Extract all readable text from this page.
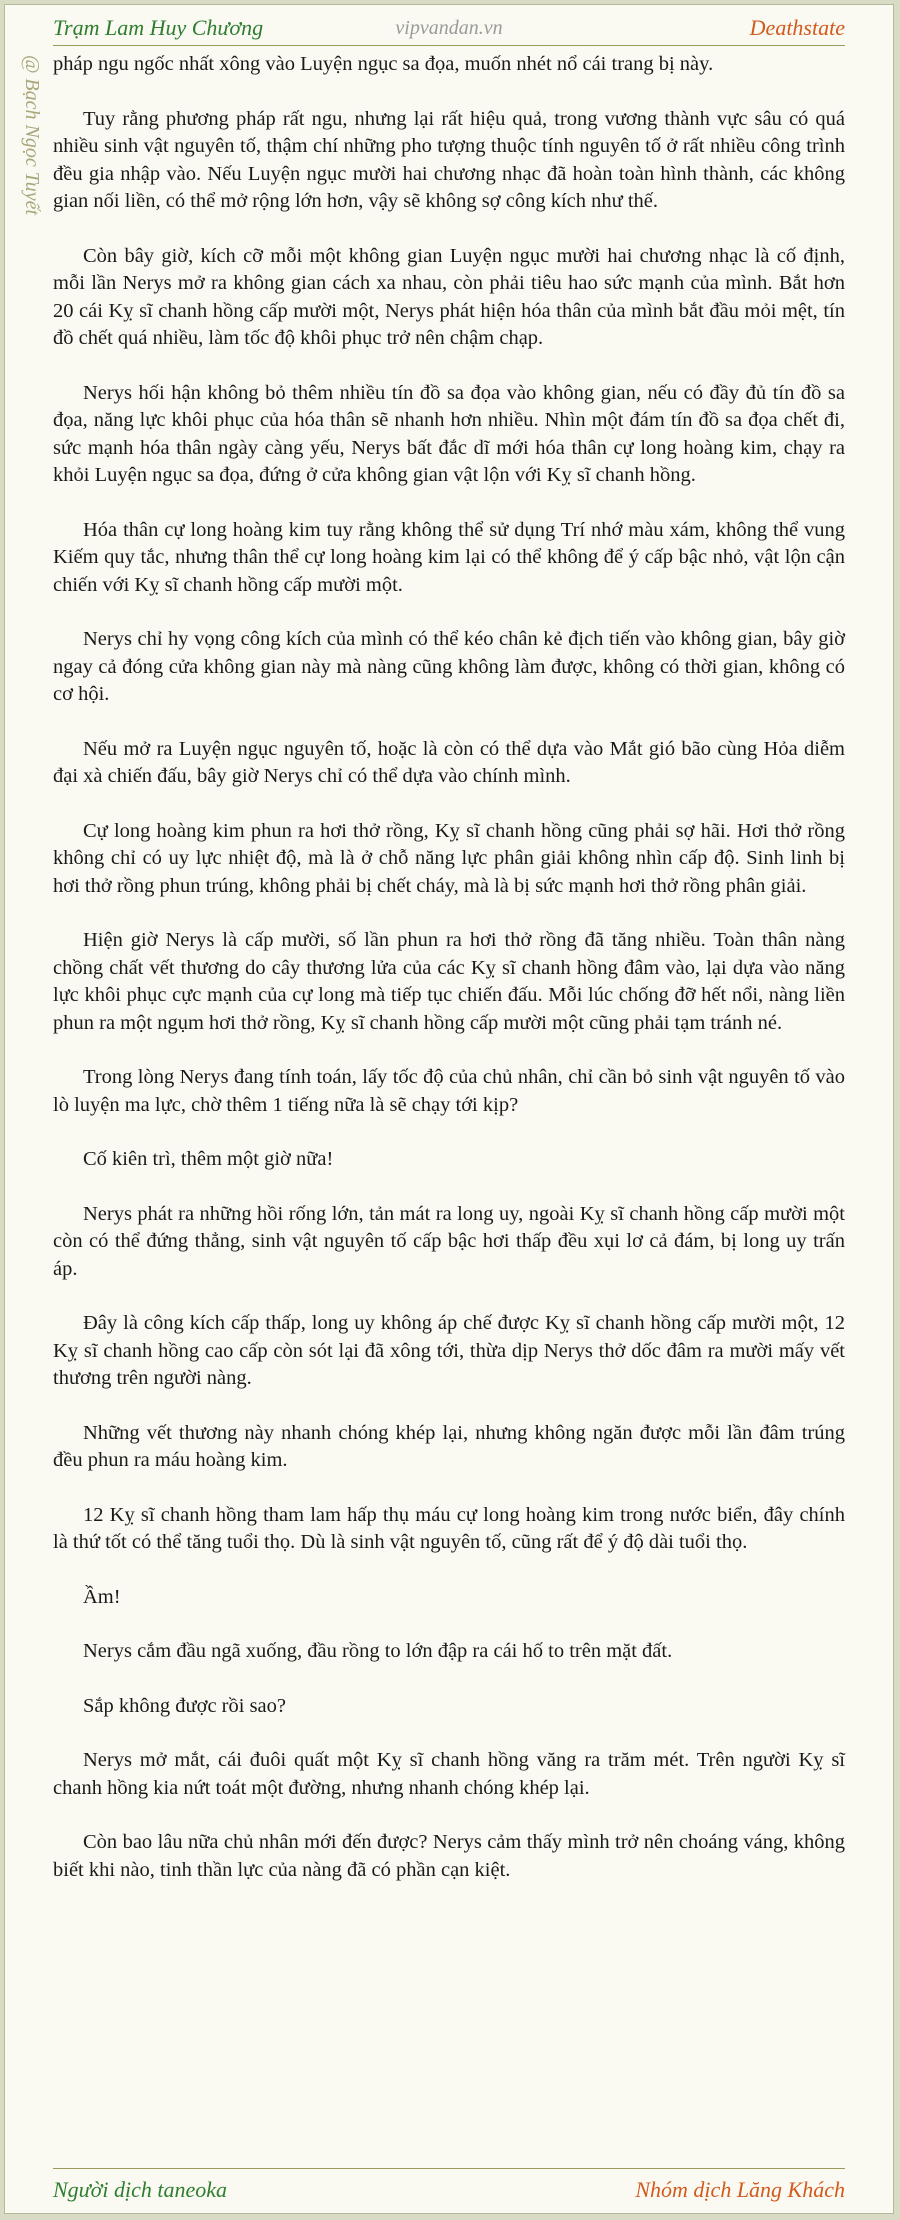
Trạm Lam Huy Chương	vipvandan.vn	Deathstate
@ Bạch Ngọc Tuyết pháp ngu ngốc nhất xông vào Luyện ngục sa đọa, muốn nhét nổ cái trang bị này.

Tuy rằng phương pháp rất ngu, nhưng lại rất hiệu quả, trong vương thành vực sâu có quá nhiều sinh vật nguyên tố, thậm chí những pho tượng thuộc tính nguyên tố ở rất nhiều công trình đều gia nhập vào. Nếu Luyện ngục mười hai chương nhạc đã hoàn toàn hình thành, các không gian nối liền, có thể mở rộng lớn hơn, vậy sẽ không sợ công kích như thế.

Còn bây giờ, kích cỡ mỗi một không gian Luyện ngục mười hai chương nhạc là cố định, mỗi lần Nerys mở ra không gian cách xa nhau, còn phải tiêu hao sức mạnh của mình. Bắt hơn 20 cái Kỵ sĩ chanh hồng cấp mười một, Nerys phát hiện hóa thân của mình bắt đầu mỏi mệt, tín đồ chết quá nhiều, làm tốc độ khôi phục trở nên chậm chạp.

Nerys hối hận không bỏ thêm nhiều tín đồ sa đọa vào không gian, nếu có đầy đủ tín đồ sa đọa, năng lực khôi phục của hóa thân sẽ nhanh hơn nhiều. Nhìn một đám tín đồ sa đọa chết đi, sức mạnh hóa thân ngày càng yếu, Nerys bất đắc dĩ mới hóa thân cự long hoàng kim, chạy ra khỏi Luyện ngục sa đọa, đứng ở cửa không gian vật lộn với Kỵ sĩ chanh hồng.

Hóa thân cự long hoàng kim tuy rằng không thể sử dụng Trí nhớ màu xám, không thể vung Kiếm quy tắc, nhưng thân thể cự long hoàng kim lại có thể không để ý cấp bậc nhỏ, vật lộn cận chiến với Kỵ sĩ chanh hồng cấp mười một.

Nerys chỉ hy vọng công kích của mình có thể kéo chân kẻ địch tiến vào không gian, bây giờ ngay cả đóng cửa không gian này mà nàng cũng không làm được, không có thời gian, không có cơ hội.

Nếu mở ra Luyện ngục nguyên tố, hoặc là còn có thể dựa vào Mắt gió bão cùng Hỏa diễm đại xà chiến đấu, bây giờ Nerys chỉ có thể dựa vào chính mình.

Cự long hoàng kim phun ra hơi thở rồng, Kỵ sĩ chanh hồng cũng phải sợ hãi. Hơi thở rồng không chỉ có uy lực nhiệt độ, mà là ở chỗ năng lực phân giải không nhìn cấp độ. Sinh linh bị hơi thở rồng phun trúng, không phải bị chết cháy, mà là bị sức mạnh hơi thở rồng phân giải.

Hiện giờ Nerys là cấp mười, số lần phun ra hơi thở rồng đã tăng nhiều. Toàn thân nàng chồng chất vết thương do cây thương lửa của các Kỵ sĩ chanh hồng đâm vào, lại dựa vào năng lực khôi phục cực mạnh của cự long mà tiếp tục chiến đấu. Mỗi lúc chống đỡ hết nổi, nàng liền phun ra một ngụm hơi thở rồng, Kỵ sĩ chanh hồng cấp mười một cũng phải tạm tránh né.

Trong lòng Nerys đang tính toán, lấy tốc độ của chủ nhân, chỉ cần bỏ sinh vật nguyên tố vào lò luyện ma lực, chờ thêm 1 tiếng nữa là sẽ chạy tới kịp?

Cố kiên trì, thêm một giờ nữa!

Nerys phát ra những hồi rống lớn, tản mát ra long uy, ngoài Kỵ sĩ chanh hồng cấp mười một còn có thể đứng thẳng, sinh vật nguyên tố cấp bậc hơi thấp đều xụi lơ cả đám, bị long uy trấn áp.

Đây là công kích cấp thấp, long uy không áp chế được Kỵ sĩ chanh hồng cấp mười một, 12 Kỵ sĩ chanh hồng cao cấp còn sót lại đã xông tới, thừa dịp Nerys thở dốc đâm ra mười mấy vết thương trên người nàng.

Những vết thương này nhanh chóng khép lại, nhưng không ngăn được mỗi lần đâm trúng đều phun ra máu hoàng kim.

12 Kỵ sĩ chanh hồng tham lam hấp thụ máu cự long hoàng kim trong nước biển, đây chính là thứ tốt có thể tăng tuổi thọ. Dù là sinh vật nguyên tố, cũng rất để ý độ dài tuổi thọ.

Ầm!

Nerys cắm đầu ngã xuống, đầu rồng to lớn đập ra cái hố to trên mặt đất.

Sắp không được rồi sao?

Nerys mở mắt, cái đuôi quất một Kỵ sĩ chanh hồng văng ra trăm mét. Trên người Kỵ sĩ chanh hồng kia nứt toát một đường, nhưng nhanh chóng khép lại.

Còn bao lâu nữa chủ nhân mới đến được? Nerys cảm thấy mình trở nên choáng váng, không biết khi nào, tinh thần lực của nàng đã có phần cạn kiệt.

Người dịch taneoka	Nhóm dịch Lăng Khách
